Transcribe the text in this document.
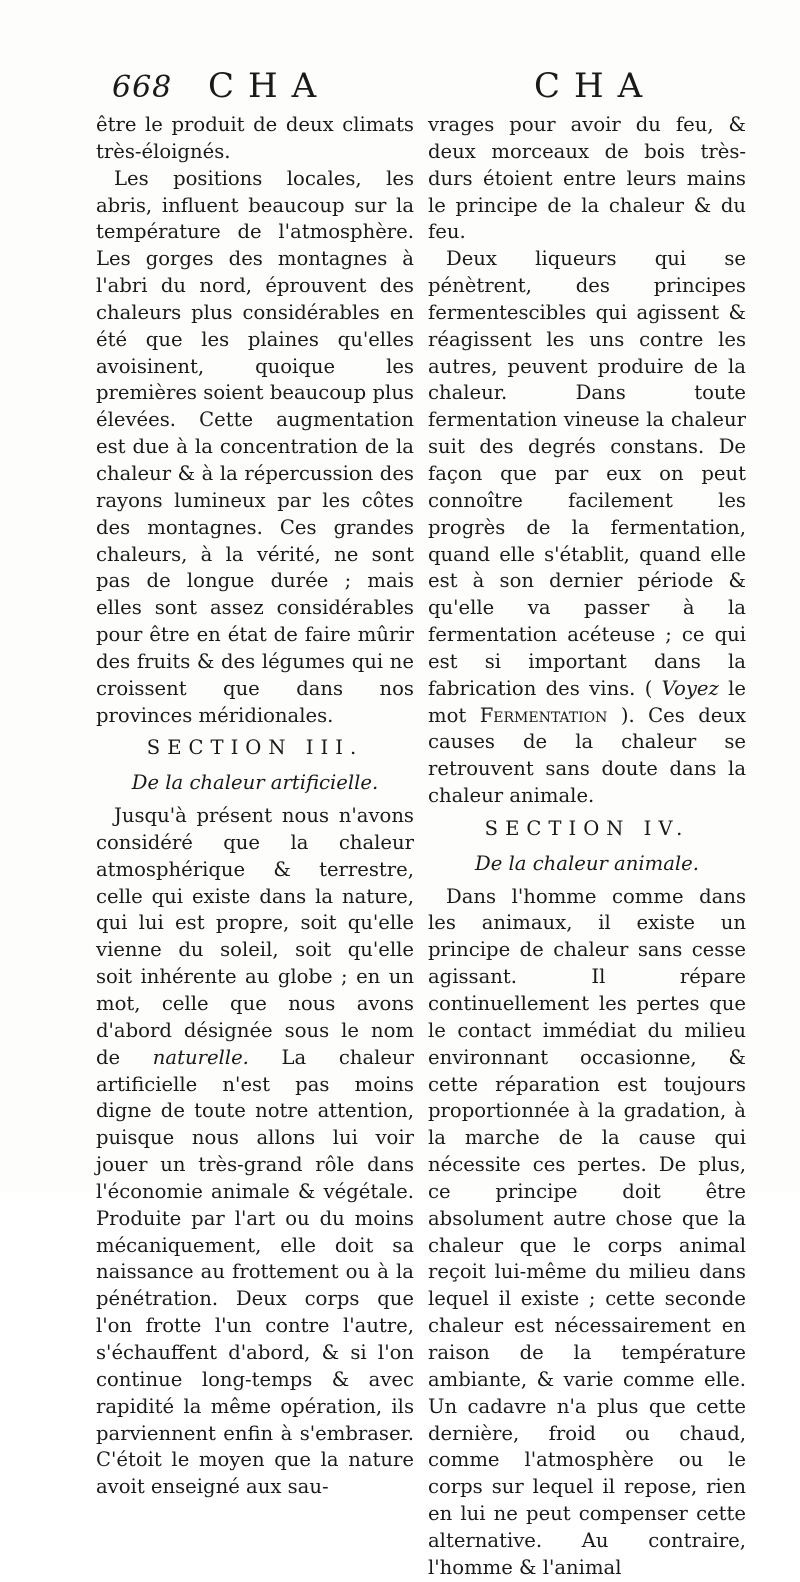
668 CHA	CHA

être le produit de deux climats très-éloignés.

Les positions locales, les abris, influent beaucoup sur la température de l'atmosphère. Les gorges des montagnes à l'abri du nord, éprouvent des chaleurs plus considérables en été que les plaines qu'elles avoisinent, quoique les premières soient beaucoup plus élevées. Cette augmentation est due à la concentration de la chaleur & à la répercussion des rayons lumineux par les côtes des montagnes. Ces grandes chaleurs, à la vérité, ne sont pas de longue durée ; mais elles sont assez considérables pour être en état de faire mûrir des fruits & des légumes qui ne croissent que dans nos provinces méridionales.

SECTION III.

De la chaleur artificielle.

Jusqu'à présent nous n'avons considéré que la chaleur atmosphérique & terrestre, celle qui existe dans la nature, qui lui est propre, soit qu'elle vienne du soleil, soit qu'elle soit inhérente au globe ; en un mot, celle que nous avons d'abord désignée sous le nom de naturelle. La chaleur artificielle n'est pas moins digne de toute notre attention, puisque nous allons lui voir jouer un très-grand rôle dans l'économie animale & végétale. Produite par l'art ou du moins mécaniquement, elle doit sa naissance au frottement ou à la pénétration. Deux corps que l'on frotte l'un contre l'autre, s'échauffent d'abord, & si l'on continue long-temps & avec rapidité la même opération, ils parviennent enfin à s'embraser. C'étoit le moyen que la nature avoit enseigné aux sau-

vrages pour avoir du feu, & deux morceaux de bois très-durs étoient entre leurs mains le principe de la chaleur & du feu.

Deux liqueurs qui se pénètrent, des principes fermentescibles qui agissent & réagissent les uns contre les autres, peuvent produire de la chaleur. Dans toute fermentation vineuse la chaleur suit des degrés constans. De façon que par eux on peut connoître facilement les progrès de la fermentation, quand elle s'établit, quand elle est à son dernier période & qu'elle va passer à la fermentation acéteuse ; ce qui est si important dans la fabrication des vins. ( Voyez le mot Fermentation ). Ces deux causes de la chaleur se retrouvent sans doute dans la chaleur animale.

SECTION IV.

De la chaleur animale.

Dans l'homme comme dans les animaux, il existe un principe de chaleur sans cesse agissant. Il répare continuellement les pertes que le contact immédiat du milieu environnant occasionne, & cette réparation est toujours proportionnée à la gradation, à la marche de la cause qui nécessite ces pertes. De plus, ce principe doit être absolument autre chose que la chaleur que le corps animal reçoit lui-même du milieu dans lequel il existe ; cette seconde chaleur est nécessairement en raison de la température ambiante, & varie comme elle. Un cadavre n'a plus que cette dernière, froid ou chaud, comme l'atmosphère ou le corps sur lequel il repose, rien en lui ne peut compenser cette alternative. Au contraire, l'homme & l'animal
